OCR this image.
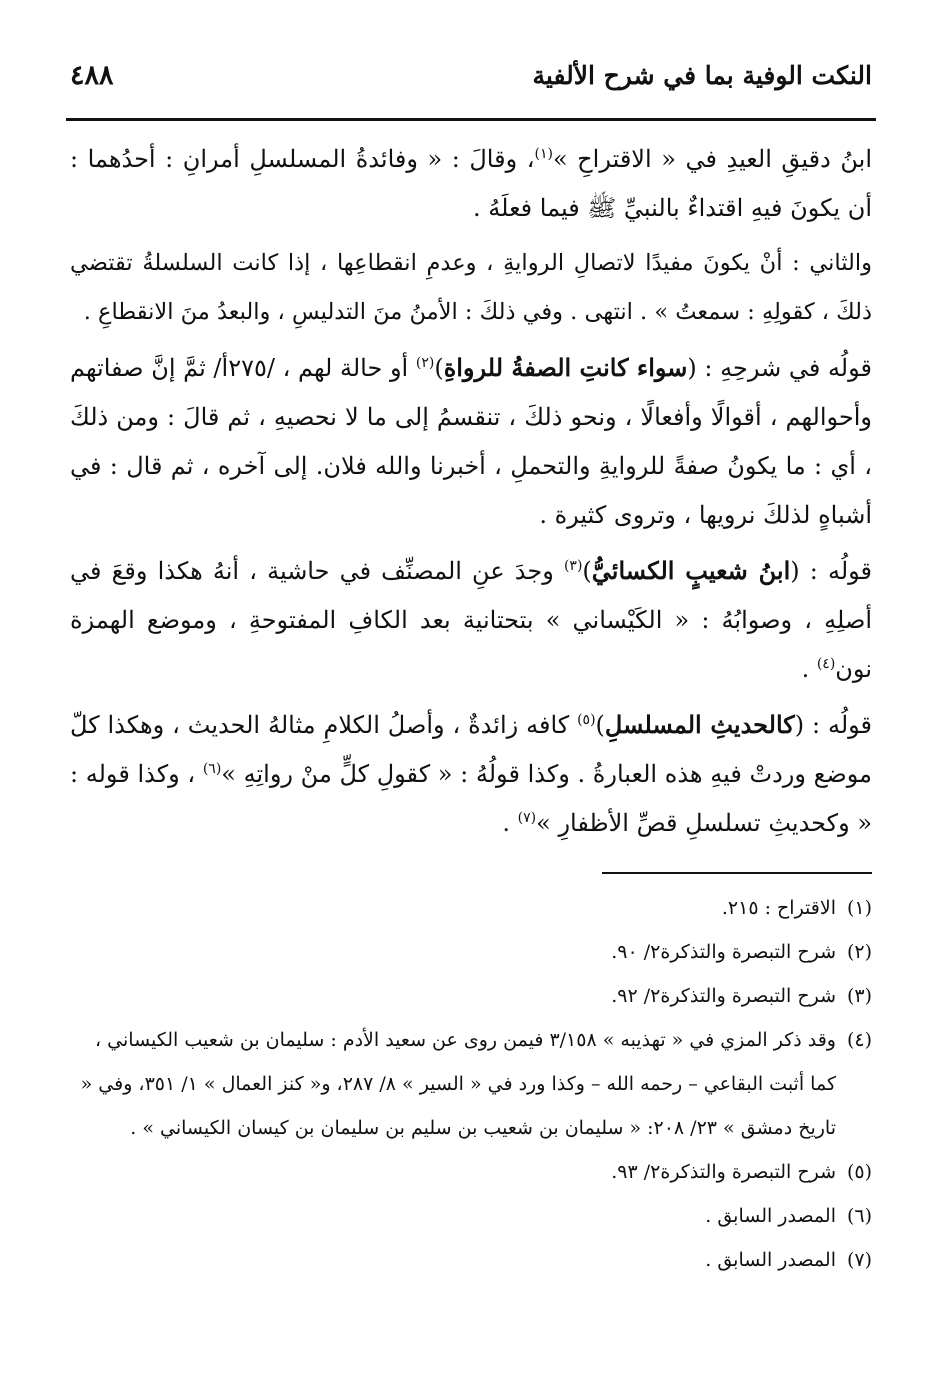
النكت الوفية بما في شرح الألفية
٤٨٨

ابنُ دقيقِ العيدِ في « الاقتراحِ »$^{(١)}$، وقالَ : « وفائدةُ المسلسلِ أمرانِ : أحدُهما : أن يكونَ فيهِ اقتداءٌ بالنبيِّ ﷺ فيما فعلَهُ .

والثاني : أنْ يكونَ مفيدًا لاتصالِ الروايةِ ، وعدمِ انقطاعِها ، إذا كانت السلسلةُ تقتضي ذلكَ ، كقولِهِ : سمعتُ » . انتهى . وفي ذلكَ : الأمنُ منَ التدليسِ ، والبعدُ منَ الانقطاعِ .

قولُه في شرحِهِ : (سواء كانتِ الصفةُ للرواةِ)$^{(٢)}$ أو حالة لهم ، /٢٧٥أ/ ثمَّ إنَّ صفاتهم وأحوالهم ، أقوالًا وأفعالًا ، ونحو ذلكَ ، تنقسمُ إلى ما لا نحصيهِ ، ثم قالَ : ومن ذلكَ ، أي : ما يكونُ صفةً للروايةِ والتحملِ ، أخبرنا والله فلان. إلى آخره ، ثم قال : في أشباهٍ لذلكَ نرويها ، وتروى كثيرة .

قولُه : (ابنُ شعيبٍ الكسائيُّ)$^{(٣)}$ وجدَ عنِ المصنِّف في حاشية ، أنهُ هكذا وقعَ في أصلِهِ ، وصوابُهُ : « الكَيْساني » بتحتانية بعد الكافِ المفتوحةِ ، وموضع الهمزة نون$^{(٤)}$ .

قولُه : (كالحديثِ المسلسلِ)$^{(٥)}$ كافه زائدةٌ ، وأصلُ الكلامِ مثالهُ الحديث ، وهكذا كلّ موضع وردتْ فيهِ هذه العبارةُ . وكذا قولُهُ : « كقولِ كلٍّ منْ رواتِهِ »$^{(٦)}$ ، وكذا قوله : « وكحديثِ تسلسلِ قصِّ الأظفارِ »$^{(٧)}$ .

(١)
الاقتراح : ٢١٥.
(٢)
شرح التبصرة والتذكرة٢/ ٩٠.
(٣)
شرح التبصرة والتذكرة٢/ ٩٢.
(٤)
وقد ذكر المزي في « تهذيبه » ٣/١٥٨ فيمن روى عن سعيد الأدم : سليمان بن شعيب الكيساني ، كما أثبت البقاعي – رحمه الله – وكذا ورد في « السير » ٨/ ٢٨٧، و« كنز العمال » ١/ ٣٥١، وفي « تاريخ دمشق » ٢٣/ ٢٠٨: « سليمان بن شعيب بن سليم بن سليمان بن كيسان الكيساني » .
(٥)
شرح التبصرة والتذكرة٢/ ٩٣.
(٦)
المصدر السابق .
(٧)
المصدر السابق .
